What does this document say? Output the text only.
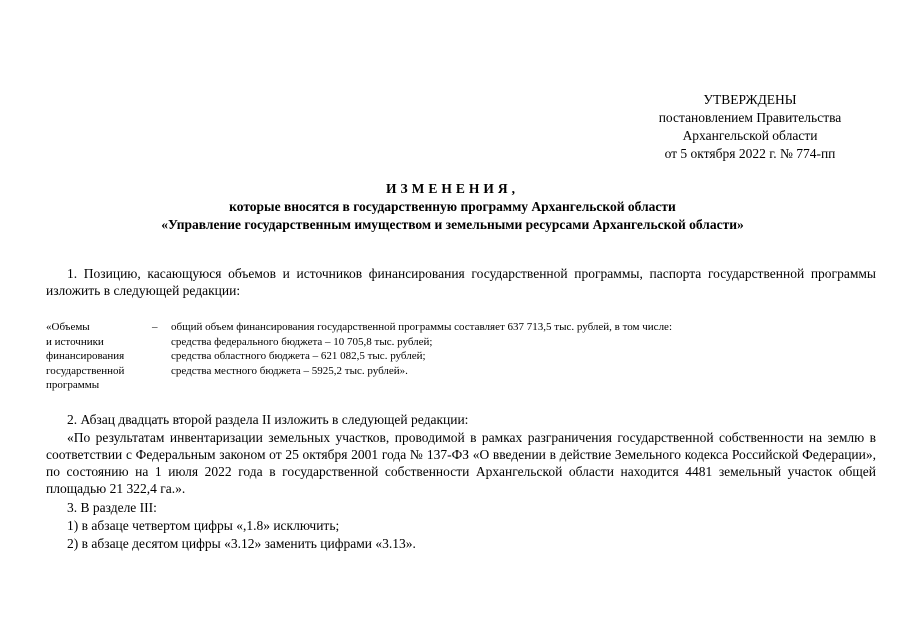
УТВЕРЖДЕНЫ
постановлением Правительства
Архангельской области
от 5 октября 2022 г. № 774-пп
ИЗМЕНЕНИЯ,
которые вносятся в государственную программу Архангельской области
«Управление государственным имуществом и земельными ресурсами Архангельской области»
1. Позицию, касающуюся объемов и источников финансирования государственной программы, паспорта государственной программы изложить в следующей редакции:
«Объемы
и источники
финансирования
государственной
программы
–	общий объем финансирования государственной программы составляет 637 713,5 тыс. рублей, в том числе:
средства федерального бюджета – 10 705,8 тыс. рублей;
средства областного бюджета – 621 082,5 тыс. рублей;
средства местного бюджета – 5925,2 тыс. рублей».
2. Абзац двадцать второй раздела II изложить в следующей редакции:
«По результатам инвентаризации земельных участков, проводимой в рамках разграничения государственной собственности на землю в соответствии с Федеральным законом от 25 октября 2001 года № 137-ФЗ «О введении в действие Земельного кодекса Российской Федерации», по состоянию на 1 июля 2022 года в государственной собственности Архангельской области находится 4481 земельный участок общей площадью 21 322,4 га.».
3. В разделе III:
1) в абзаце четвертом цифры «,1.8» исключить;
2) в абзаце десятом цифры «3.12» заменить цифрами «3.13».
